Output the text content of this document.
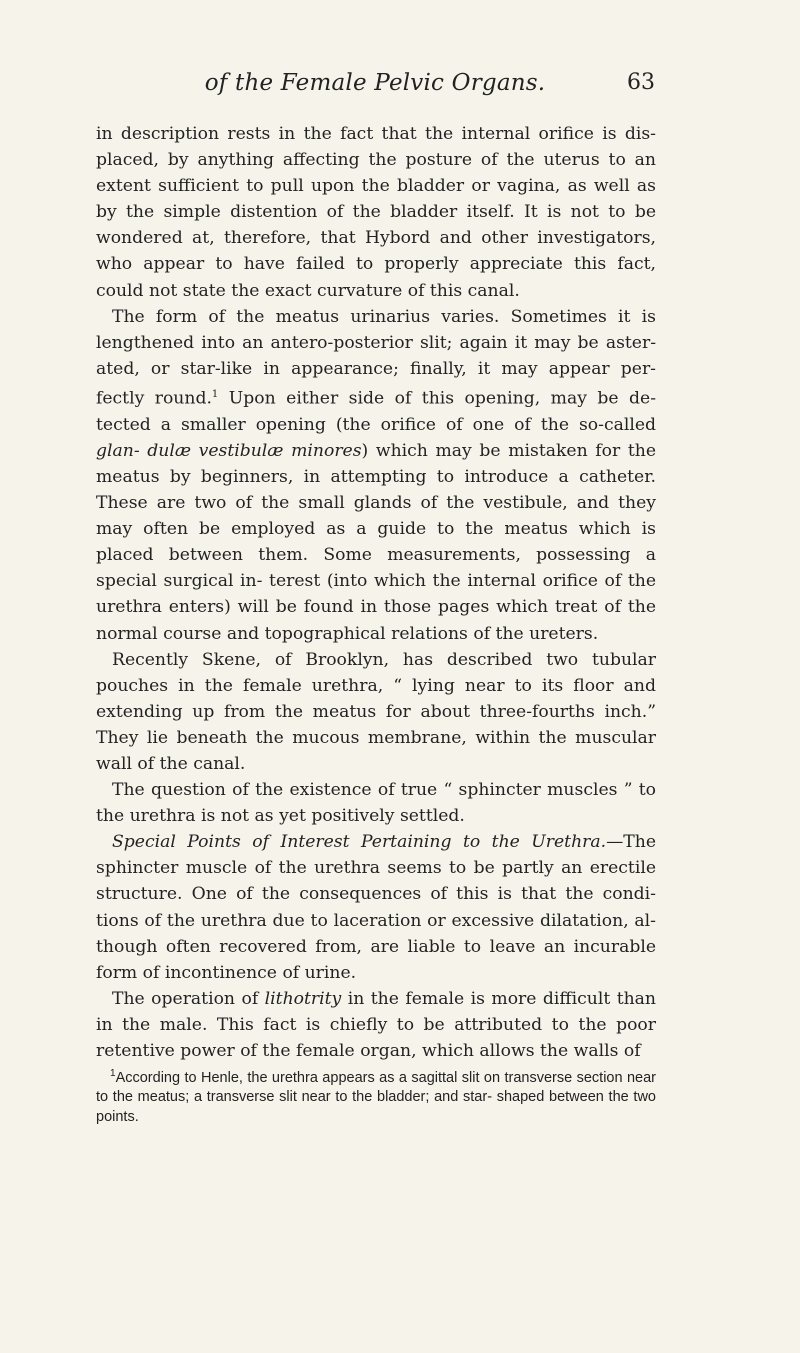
of the Female Pelvic Organs.	63

in description rests in the fact that the internal orifice is dis- placed, by anything affecting the posture of the uterus to an extent sufficient to pull upon the bladder or vagina, as well as by the simple distention of the bladder itself. It is not to be wondered at, therefore, that Hybord and other investigators, who appear to have failed to properly appreciate this fact, could not state the exact curvature of this canal.

The form of the meatus urinarius varies. Sometimes it is lengthened into an antero-posterior slit; again it may be aster- ated, or star-like in appearance; finally, it may appear per- fectly round.$^1$ Upon either side of this opening, may be de- tected a smaller opening (the orifice of one of the so-called glan- dulæ vestibulæ minores) which may be mistaken for the meatus by beginners, in attempting to introduce a catheter. These are two of the small glands of the vestibule, and they may often be employed as a guide to the meatus which is placed between them. Some measurements, possessing a special surgical in- terest (into which the internal orifice of the urethra enters) will be found in those pages which treat of the normal course and topographical relations of the ureters.

Recently Skene, of Brooklyn, has described two tubular pouches in the female urethra, “ lying near to its floor and extending up from the meatus for about three-fourths inch.” They lie beneath the mucous membrane, within the muscular wall of the canal.

The question of the existence of true “ sphincter muscles ” to the urethra is not as yet positively settled.

Special Points of Interest Pertaining to the Urethra.—The sphincter muscle of the urethra seems to be partly an erectile structure. One of the consequences of this is that the condi- tions of the urethra due to laceration or excessive dilatation, al- though often recovered from, are liable to leave an incurable form of incontinence of urine.

The operation of lithotrity in the female is more difficult than in the male. This fact is chiefly to be attributed to the poor retentive power of the female organ, which allows the walls of

$^1$According to Henle, the urethra appears as a sagittal slit on transverse section near to the meatus; a transverse slit near to the bladder; and star- shaped between the two points.
